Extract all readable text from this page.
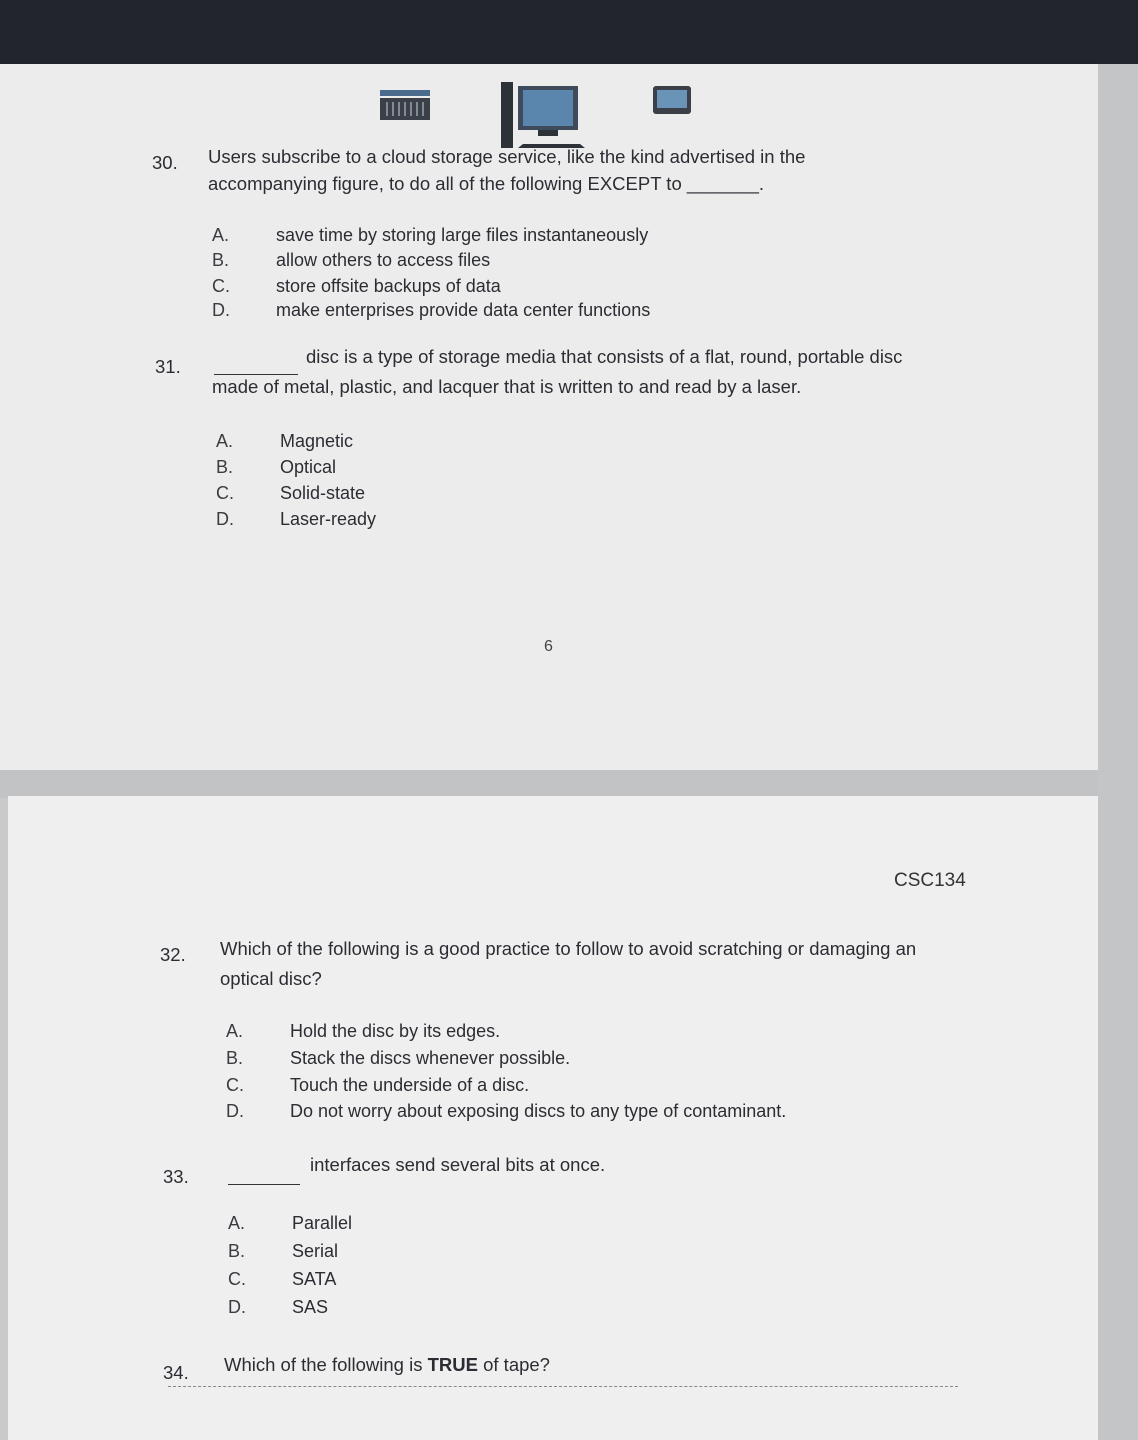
30. Users subscribe to a cloud storage service, like the kind advertised in the
accompanying figure, to do all of the following EXCEPT to _______.
A.	save time by storing large files instantaneously
B.	allow others to access files
C.	store offsite backups of data
D.	make enterprises provide data center functions
31.	disc is a type of storage media that consists of a flat, round, portable disc
made of metal, plastic, and lacquer that is written to and read by a laser.
A.	Magnetic
B.	Optical
C.	Solid-state
D.	Laser-ready
6
CSC134
32. Which of the following is a good practice to follow to avoid scratching or damaging an
optical disc?
A.	Hold the disc by its edges.
B.	Stack the discs whenever possible.
C.	Touch the underside of a disc.
D.	Do not worry about exposing discs to any type of contaminant.
33.
interfaces send several bits at once.
A.	Parallel
B.	Serial
C.	SATA
D.	SAS
34. Which of the following is TRUE of tape?
